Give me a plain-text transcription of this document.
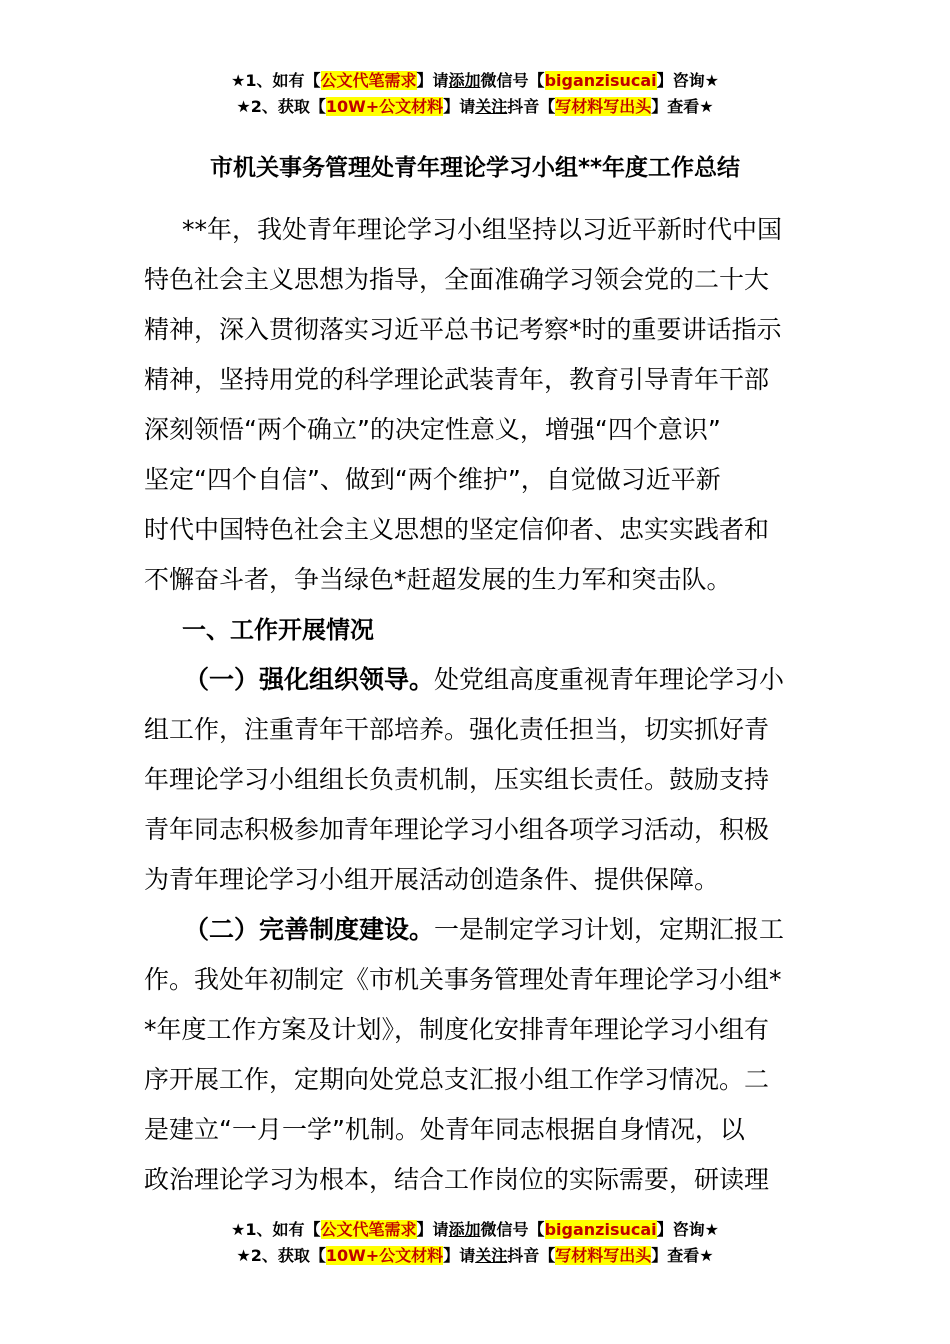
★1、如有【公文代笔需求】请添加微信号【biganzisucai】咨询★
★2、获取【10W+公文材料】请关注抖音【写材料写出头】查看★
市机关事务管理处青年理论学习小组**年度工作总结
**年，我处青年理论学习小组坚持以习近平新时代中国
特色社会主义思想为指导，全面准确学习领会党的二十大
精神，深入贯彻落实习近平总书记考察*时的重要讲话指示
精神，坚持用党的科学理论武装青年，教育引导青年干部
深刻领悟“两个确立”的决定性意义，增强“四个意识”
坚定“四个自信”、做到“两个维护”，自觉做习近平新
时代中国特色社会主义思想的坚定信仰者、忠实实践者和
不懈奋斗者，争当绿色*赶超发展的生力军和突击队。
一、工作开展情况
（一）强化组织领导。处党组高度重视青年理论学习小
组工作，注重青年干部培养。强化责任担当，切实抓好青
年理论学习小组组长负责机制，压实组长责任。鼓励支持
青年同志积极参加青年理论学习小组各项学习活动，积极
为青年理论学习小组开展活动创造条件、提供保障。
（二）完善制度建设。一是制定学习计划，定期汇报工
作。我处年初制定《市机关事务管理处青年理论学习小组*
*年度工作方案及计划》，制度化安排青年理论学习小组有
序开展工作，定期向处党总支汇报小组工作学习情况。二
是建立“一月一学”机制。处青年同志根据自身情况，以
政治理论学习为根本，结合工作岗位的实际需要，研读理
★1、如有【公文代笔需求】请添加微信号【biganzisucai】咨询★
★2、获取【10W+公文材料】请关注抖音【写材料写出头】查看★
